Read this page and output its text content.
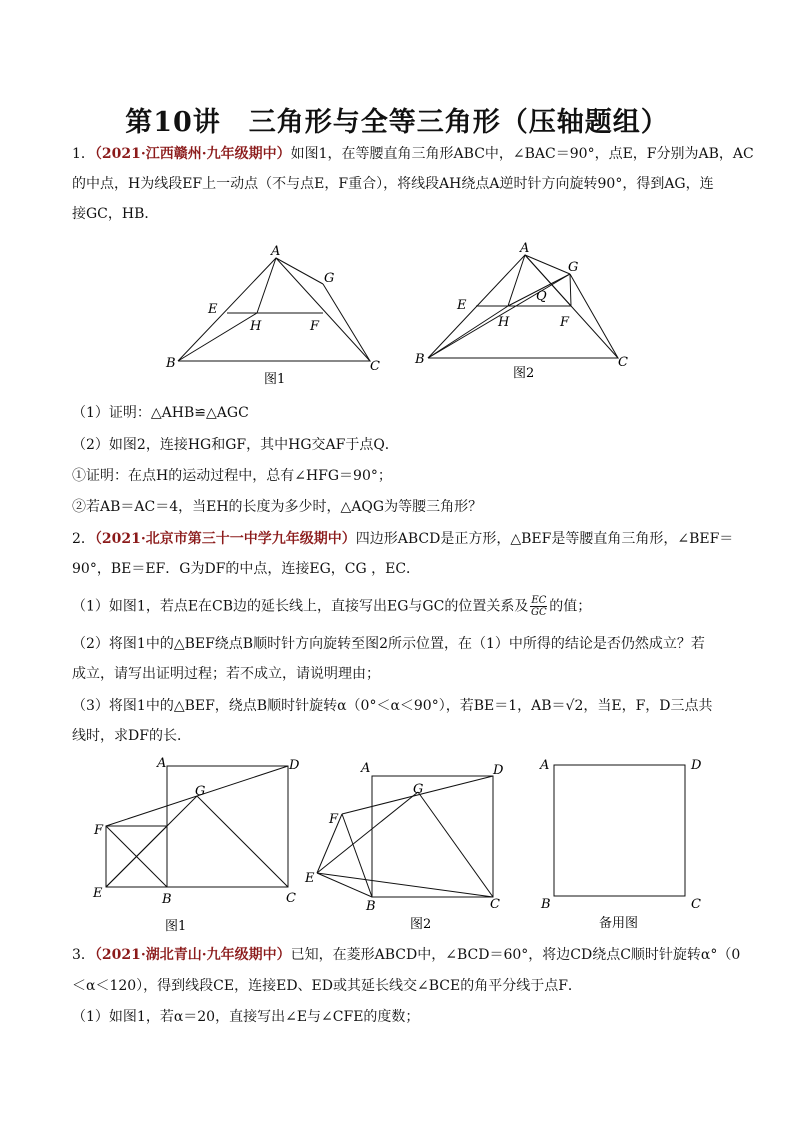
第10讲　三角形与全等三角形（压轴题组）
1．（2021·江西赣州·九年级期中）如图1，在等腰直角三角形ABC中，∠BAC＝90°，点E，F分别为AB，AC
的中点，H为线段EF上一动点（不与点E，F重合），将线段AH绕点A逆时针方向旋转90°，得到AG，连
接GC，HB．
A
G
E
H	F
B	C
图1
A
G
Q
E
H	F
B	C
图2
（1）证明：△AHB≌△AGC
（2）如图2，连接HG和GF，其中HG交AF于点Q．
①证明：在点H的运动过程中，总有∠HFG＝90°；
②若AB＝AC＝4，当EH的长度为多少时，△AQG为等腰三角形？
2．（2021·北京市第三十一中学九年级期中）四边形ABCD是正方形，△BEF是等腰直角三角形，∠BEF＝
90°，BE＝EF．G为DF的中点，连接EG，CG ，EC．
（1）如图1，若点E在CB边的延长线上，直接写出EG与GC的位置关系及 $\frac{EC}{GC}$ 的值；
（2）将图1中的△BEF绕点B顺时针方向旋转至图2所示位置，在（1）中所得的结论是否仍然成立？若
成立，请写出证明过程；若不成立，请说明理由；
（3）将图1中的△BEF，绕点B顺时针旋转α（0°＜α＜90°），若BE＝1，AB＝√2，当E，F，D三点共
线时，求DF的长．
A	D
G
F
E	B	C
图1
A	D
G
F
E
B	C
图2
A	D
B	C
备用图
3．（2021·湖北青山·九年级期中）已知，在菱形ABCD中，∠BCD＝60°，将边CD绕点C顺时针旋转α°（0
＜α＜120），得到线段CE，连接ED、ED或其延长线交∠BCE的角平分线于点F．
（1）如图1，若α＝20，直接写出∠E与∠CFE的度数；
